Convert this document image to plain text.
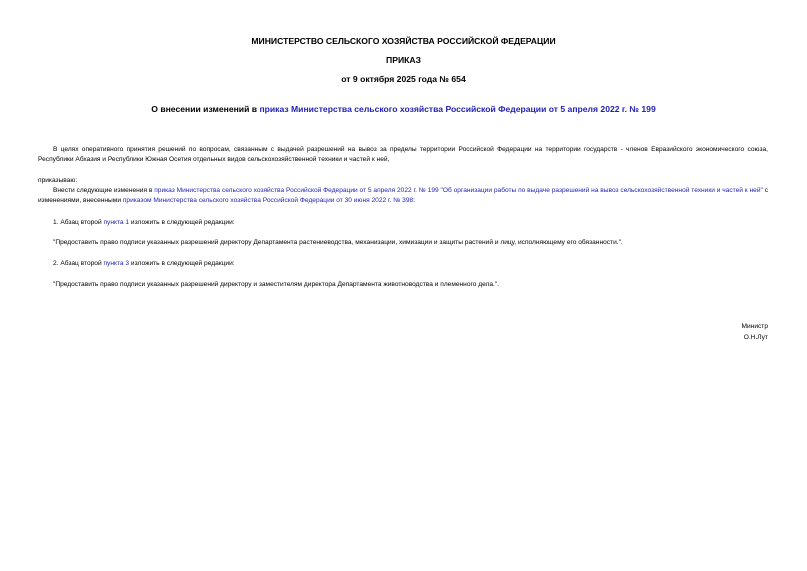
МИНИСТЕРСТВО СЕЛЬСКОГО ХОЗЯЙСТВА РОССИЙСКОЙ ФЕДЕРАЦИИ
ПРИКАЗ
от 9 октября 2025 года № 654
О внесении изменений в приказ Министерства сельского хозяйства Российской Федерации от 5 апреля 2022 г. № 199
В целях оперативного принятия решений по вопросам, связанным с выдачей разрешений на вывоз за пределы территории Российской Федерации на территории государств - членов Евразийского экономического союза, Республики Абхазия и Республики Южная Осетия отдельных видов сельскохозяйственной техники и частей к ней,
приказываю:
Внести следующие изменения в приказ Министерства сельского хозяйства Российской Федерации от 5 апреля 2022 г. № 199 "Об организации работы по выдаче разрешений на вывоз сельскохозяйственной техники и частей к ней" с изменениями, внесенными приказом Министерства сельского хозяйства Российской Федерации от 30 июня 2022 г. № 398:
1. Абзац второй пункта 1 изложить в следующей редакции:
"Предоставить право подписи указанных разрешений директору Департамента растениеводства, механизации, химизации и защиты растений и лицу, исполняющему его обязанности.".
2. Абзац второй пункта 3 изложить в следующей редакции:
"Предоставить право подписи указанных разрешений директору и заместителям директора Департамента животноводства и племенного дела.".
Министр
О.Н.Лут
